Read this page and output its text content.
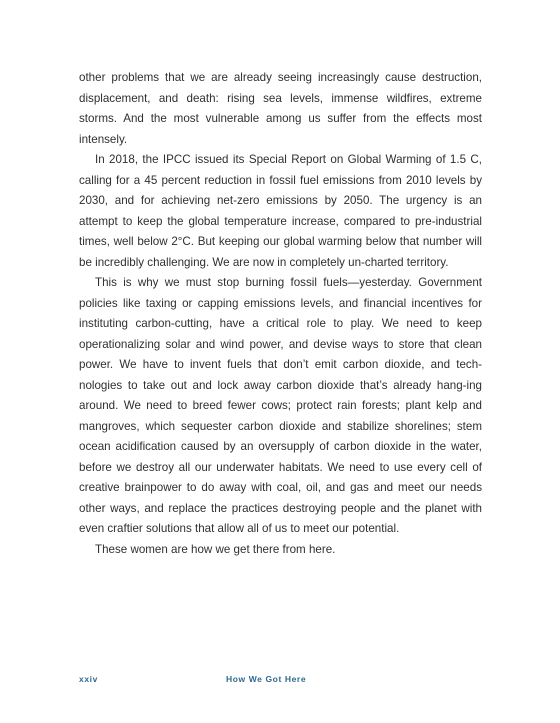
other problems that we are already seeing increasingly cause destruction, displacement, and death: rising sea levels, immense wildfires, extreme storms. And the most vulnerable among us suffer from the effects most intensely.

In 2018, the IPCC issued its Special Report on Global Warming of 1.5 C, calling for a 45 percent reduction in fossil fuel emissions from 2010 levels by 2030, and for achieving net-zero emissions by 2050. The urgency is an attempt to keep the global temperature increase, compared to pre-industrial times, well below 2°C. But keeping our global warming below that number will be incredibly challenging. We are now in completely un-charted territory.

This is why we must stop burning fossil fuels—yesterday. Government policies like taxing or capping emissions levels, and financial incentives for instituting carbon-cutting, have a critical role to play. We need to keep operationalizing solar and wind power, and devise ways to store that clean power. We have to invent fuels that don’t emit carbon dioxide, and tech-nologies to take out and lock away carbon dioxide that’s already hang-ing around. We need to breed fewer cows; protect rain forests; plant kelp and mangroves, which sequester carbon dioxide and stabilize shorelines; stem ocean acidification caused by an oversupply of carbon dioxide in the water, before we destroy all our underwater habitats. We need to use every cell of creative brainpower to do away with coal, oil, and gas and meet our needs other ways, and replace the practices destroying people and the planet with even craftier solutions that allow all of us to meet our potential.

These women are how we get there from here.

xxiv	How We Got Here
